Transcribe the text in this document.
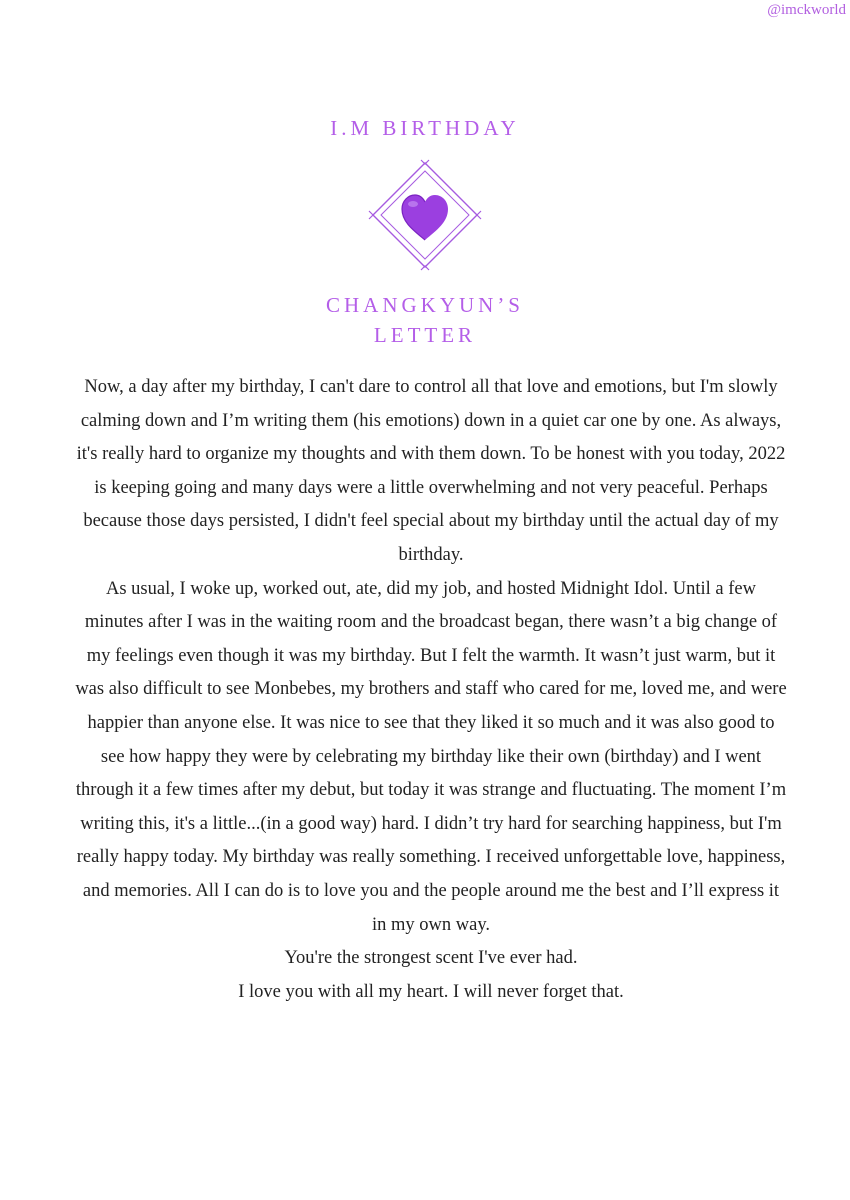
@imckworld
I.M BIRTHDAY
CHANGKYUN’S
LETTER

Now, a day after my birthday, I can't dare to control all that love and emotions, but I'm slowly calming down and I’m writing them (his emotions) down in a quiet car one by one. As always, it's really hard to organize my thoughts and with them down. To be honest with you today, 2022 is keeping going and many days were a little overwhelming and not very peaceful. Perhaps because those days persisted, I didn't feel special about my birthday until the actual day of my birthday.

As usual, I woke up, worked out, ate, did my job, and hosted Midnight Idol. Until a few minutes after I was in the waiting room and the broadcast began, there wasn’t a big change of my feelings even though it was my birthday. But I felt the warmth. It wasn’t just warm, but it was also difficult to see Monbebes, my brothers and staff who cared for me, loved me, and were happier than anyone else. It was nice to see that they liked it so much and it was also good to see how happy they were by celebrating my birthday like their own (birthday) and I went through it a few times after my debut, but today it was strange and fluctuating. The moment I’m writing this, it's a little...(in a good way) hard. I didn’t try hard for searching happiness, but I'm really happy today. My birthday was really something. I received unforgettable love, happiness, and memories. All I can do is to love you and the people around me the best and I’ll express it in my own way.

You're the strongest scent I've ever had.

I love you with all my heart. I will never forget that.
